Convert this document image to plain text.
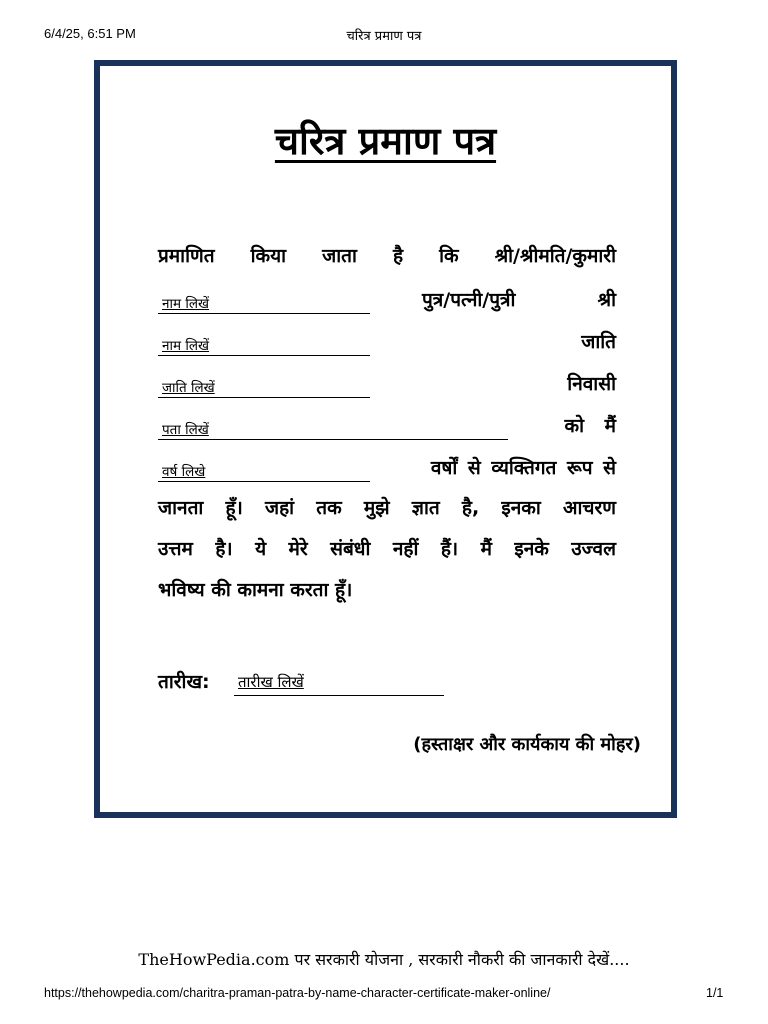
6/4/25, 6:51 PM	चरित्र प्रमाण पत्र
चरित्र प्रमाण पत्र
प्रमाणित किया जाता है कि श्री/श्रीमति/कुमारी
नाम लिखें	पुत्र/पत्नी/पुत्री	श्री
नाम लिखें	जाति
जाति लिखें	निवासी
पता लिखें	को मैं
वर्ष लिखे	वर्षों से व्यक्तिगत रूप से
जानता हूँ। जहां तक मुझे ज्ञात है, इनका आचरण
उत्तम है। ये मेरे संबंधी नहीं हैं। मैं इनके उज्वल
भविष्य की कामना करता हूँ।
तारीख: तारीख लिखें
(हस्ताक्षर और कार्यकाय की मोहर)
TheHowPedia.com पर सरकारी योजना , सरकारी नौकरी की जानकारी देखें....
https://thehowpedia.com/charitra-praman-patra-by-name-character-certificate-maker-online/	1/1
